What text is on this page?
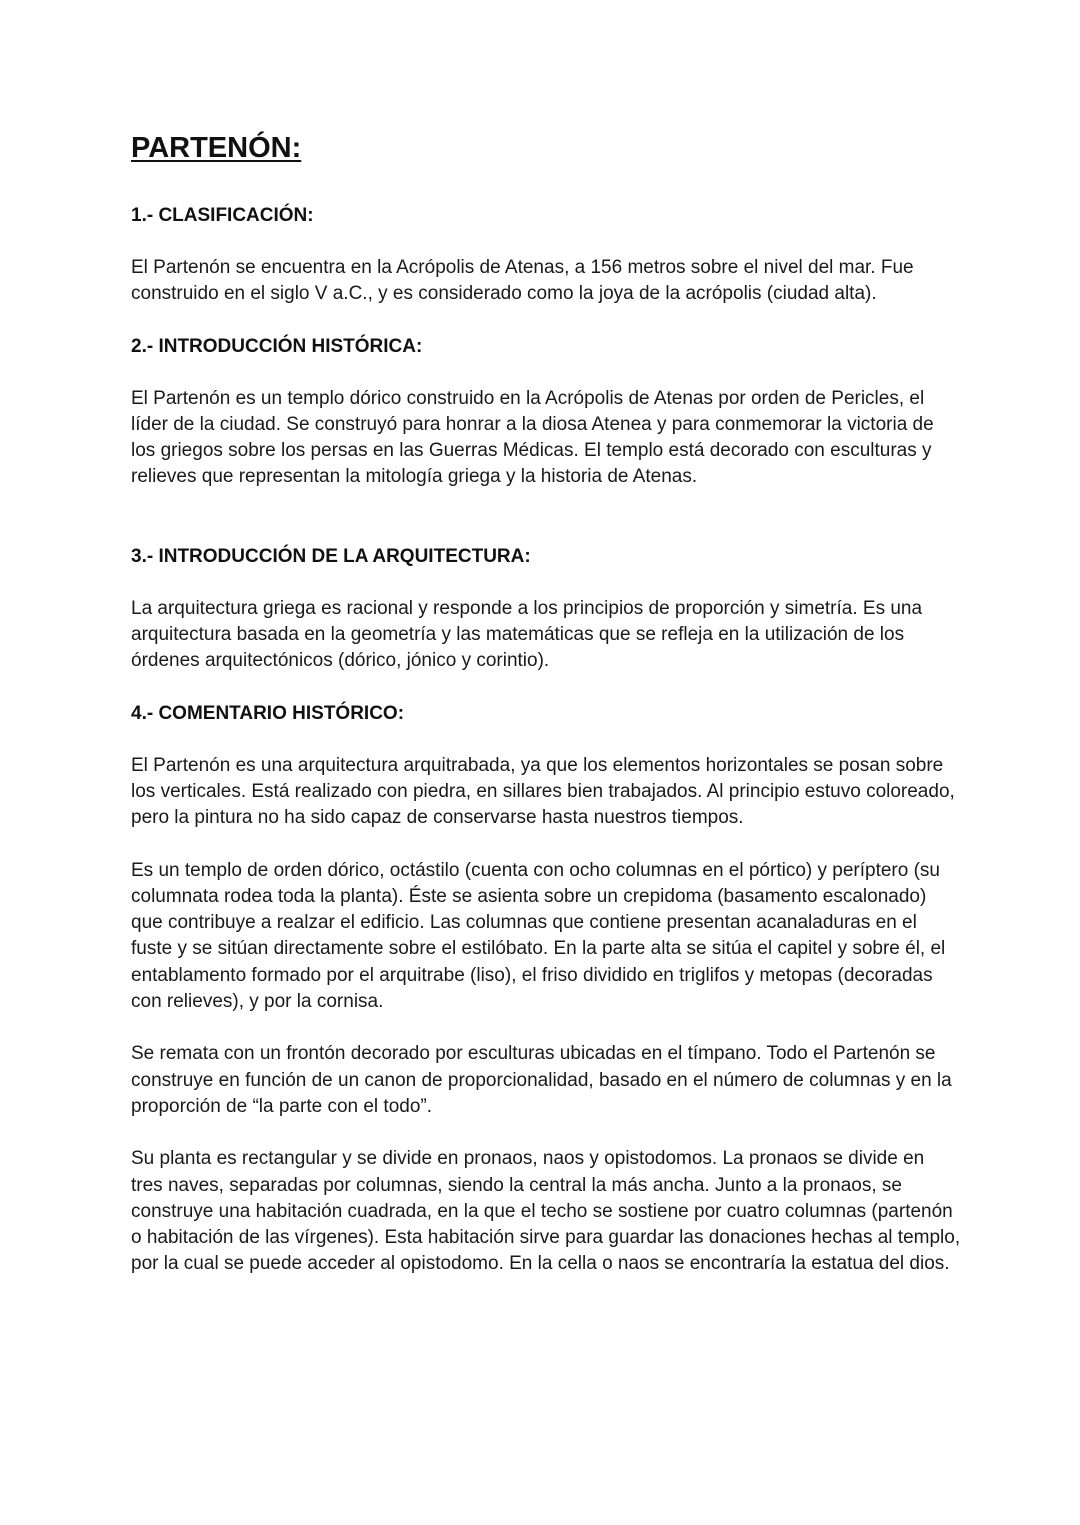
PARTENÓN:
1.- CLASIFICACIÓN:

El Partenón se encuentra en la Acrópolis de Atenas, a 156 metros sobre el nivel del mar. Fue construido en el siglo V a.C., y es considerado como la joya de la acrópolis (ciudad alta).

2.- INTRODUCCIÓN HISTÓRICA:

El Partenón es un templo dórico construido en la Acrópolis de Atenas por orden de Pericles, el líder de la ciudad. Se construyó para honrar a la diosa Atenea y para conmemorar la victoria de los griegos sobre los persas en las Guerras Médicas. El templo está decorado con esculturas y relieves que representan la mitología griega y la historia de Atenas.

3.- INTRODUCCIÓN DE LA ARQUITECTURA:

La arquitectura griega es racional y responde a los principios de proporción y simetría. Es una arquitectura basada en la geometría y las matemáticas que se refleja en la utilización de los órdenes arquitectónicos (dórico, jónico y corintio).

4.- COMENTARIO HISTÓRICO:

El Partenón es una arquitectura arquitrabada, ya que los elementos horizontales se posan sobre los verticales. Está realizado con piedra, en sillares bien trabajados. Al principio estuvo coloreado, pero la pintura no ha sido capaz de conservarse hasta nuestros tiempos.

Es un templo de orden dórico, octástilo (cuenta con ocho columnas en el pórtico) y períptero (su columnata rodea toda la planta). Éste se asienta sobre un crepidoma (basamento escalonado) que contribuye a realzar el edificio. Las columnas que contiene presentan acanaladuras en el fuste y se sitúan directamente sobre el estilóbato. En la parte alta se sitúa el capitel y sobre él, el entablamento formado por el arquitrabe (liso), el friso dividido en triglifos y metopas (decoradas con relieves), y por la cornisa.

Se remata con un frontón decorado por esculturas ubicadas en el tímpano. Todo el Partenón se construye en función de un canon de proporcionalidad, basado en el número de columnas y en la proporción de “la parte con el todo”.

Su planta es rectangular y se divide en pronaos, naos y opistodomos. La pronaos se divide en tres naves, separadas por columnas, siendo la central la más ancha. Junto a la pronaos, se construye una habitación cuadrada, en la que el techo se sostiene por cuatro columnas (partenón o habitación de las vírgenes). Esta habitación sirve para guardar las donaciones hechas al templo, por la cual se puede acceder al opistodomo. En la cella o naos se encontraría la estatua del dios.
